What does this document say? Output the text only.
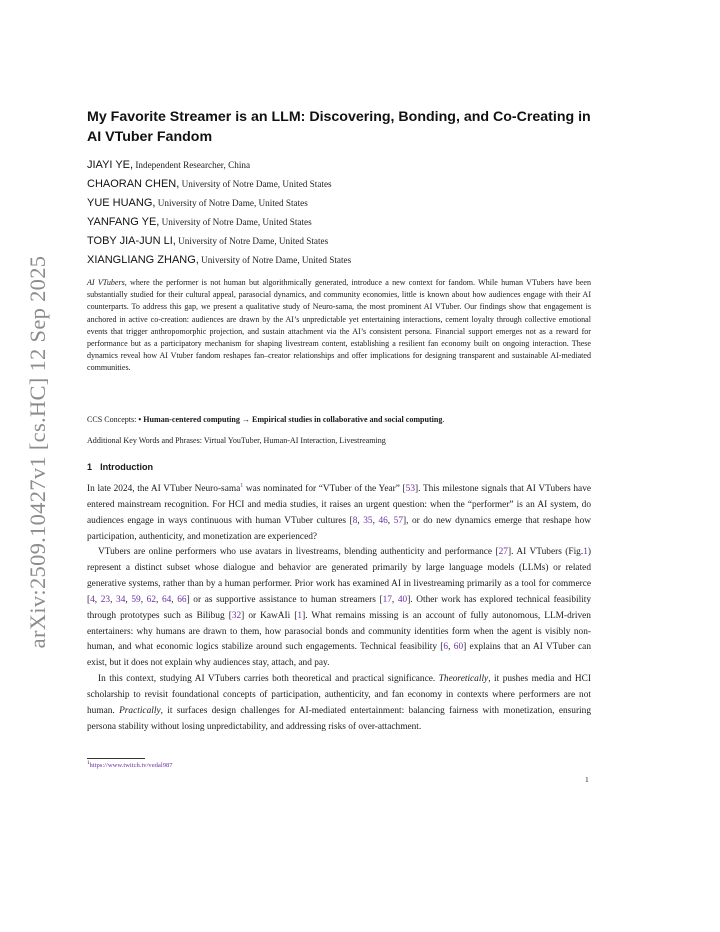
arXiv:2509.10427v1 [cs.HC] 12 Sep 2025
My Favorite Streamer is an LLM: Discovering, Bonding, and Co-Creating in AI VTuber Fandom
JIAYI YE, Independent Researcher, China
CHAORAN CHEN, University of Notre Dame, United States
YUE HUANG, University of Notre Dame, United States
YANFANG YE, University of Notre Dame, United States
TOBY JIA-JUN LI, University of Notre Dame, United States
XIANGLIANG ZHANG, University of Notre Dame, United States

AI VTubers, where the performer is not human but algorithmically generated, introduce a new context for fandom. While human VTubers have been substantially studied for their cultural appeal, parasocial dynamics, and community economies, little is known about how audiences engage with their AI counterparts. To address this gap, we present a qualitative study of Neuro-sama, the most prominent AI VTuber. Our findings show that engagement is anchored in active co-creation: audiences are drawn by the AI’s unpredictable yet entertaining interactions, cement loyalty through collective emotional events that trigger anthropomorphic projection, and sustain attachment via the AI’s consistent persona. Financial support emerges not as a reward for performance but as a participatory mechanism for shaping livestream content, establishing a resilient fan economy built on ongoing interaction. These dynamics reveal how AI Vtuber fandom reshapes fan–creator relationships and offer implications for designing transparent and sustainable AI-mediated communities.

CCS Concepts: • Human-centered computing → Empirical studies in collaborative and social computing.

Additional Key Words and Phrases: Virtual YouTuber, Human-AI Interaction, Livestreaming

1 Introduction

In late 2024, the AI VTuber Neuro-sama$^1$ was nominated for “VTuber of the Year” [53]. This milestone signals that AI VTubers have entered mainstream recognition. For HCI and media studies, it raises an urgent question: when the “performer” is an AI system, do audiences engage in ways continuous with human VTuber cultures [8, 35, 46, 57], or do new dynamics emerge that reshape how participation, authenticity, and monetization are experienced?

VTubers are online performers who use avatars in livestreams, blending authenticity and performance [27]. AI VTubers (Fig.1) represent a distinct subset whose dialogue and behavior are generated primarily by large language models (LLMs) or related generative systems, rather than by a human performer. Prior work has examined AI in livestreaming primarily as a tool for commerce [4, 23, 34, 59, 62, 64, 66] or as supportive assistance to human streamers [17, 40]. Other work has explored technical feasibility through prototypes such as Bilibug [32] or KawAIi [1]. What remains missing is an account of fully autonomous, LLM-driven entertainers: why humans are drawn to them, how parasocial bonds and community identities form when the agent is visibly non-human, and what economic logics stabilize around such engagements. Technical feasibility [6, 60] explains that an AI VTuber can exist, but it does not explain why audiences stay, attach, and pay.

In this context, studying AI VTubers carries both theoretical and practical significance. Theoretically, it pushes media and HCI scholarship to revisit foundational concepts of participation, authenticity, and fan economy in contexts where performers are not human. Practically, it surfaces design challenges for AI-mediated entertainment: balancing fairness with monetization, ensuring persona stability without losing unpredictability, and addressing risks of over-attachment.

$^1$https://www.twitch.tv/vedal987
1
